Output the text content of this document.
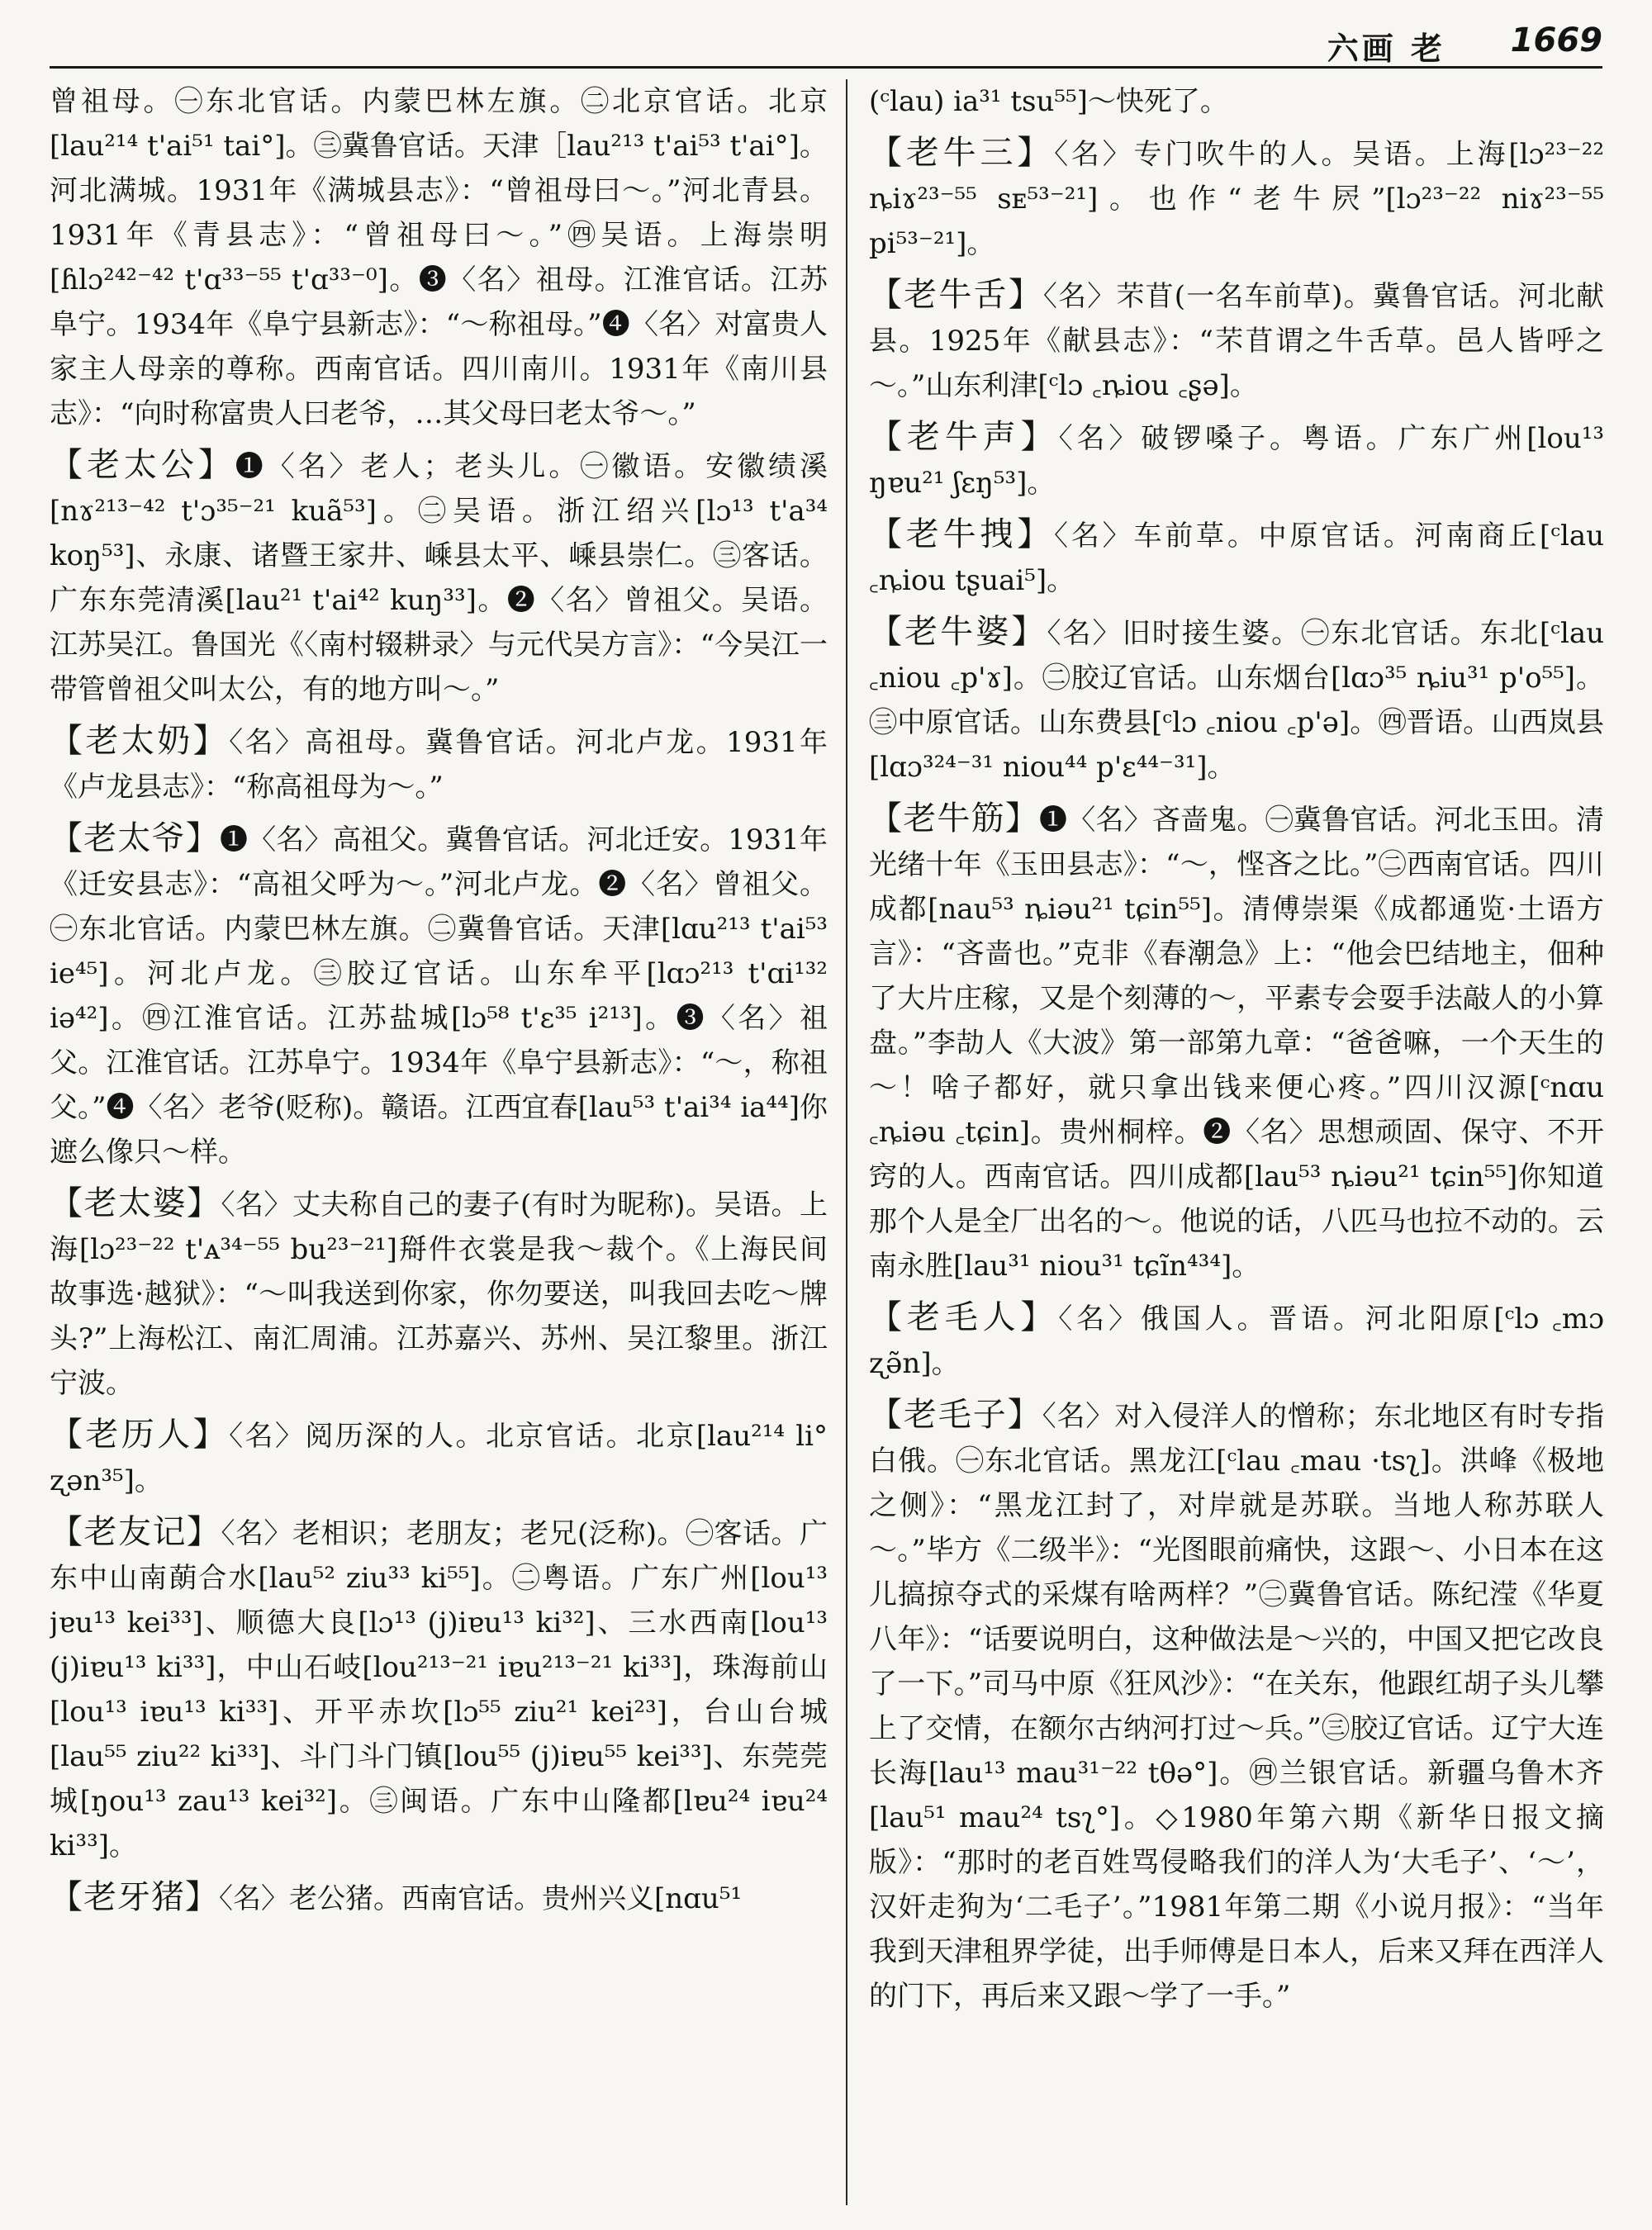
六画 老 1669

曾祖母。㊀东北官话。内蒙巴林左旗。㊁北京官话。北京[lau²¹⁴ t'ai⁵¹ tai°]。㊂冀鲁官话。天津［lau²¹³ t'ai⁵³ t'ai°]。河北满城。1931年《满城县志》：“曾祖母曰～。”河北青县。1931年《青县志》：“曾祖母曰～。”㊃吴语。上海崇明[ɦlɔ²⁴²⁻⁴² t'ɑ³³⁻⁵⁵ t'ɑ³³⁻⁰]。❸〈名〉祖母。江淮官话。江苏阜宁。1934年《阜宁县新志》：“～称祖母。”❹〈名〉对富贵人家主人母亲的尊称。西南官话。四川南川。1931年《南川县志》：“向时称富贵人曰老爷，…其父母曰老太爷～。”

【老太公】❶〈名〉老人；老头儿。㊀徽语。安徽绩溪[nɤ²¹³⁻⁴² t'ɔ³⁵⁻²¹ kuã⁵³]。㊁吴语。浙江绍兴[lɔ¹³ t'a³⁴ koŋ⁵³]、永康、诸暨王家井、嵊县太平、嵊县崇仁。㊂客话。广东东莞清溪[lau²¹ t'ai⁴² kuŋ³³]。❷〈名〉曾祖父。吴语。江苏吴江。鲁国光《〈南村辍耕录〉与元代吴方言》：“今吴江一带管曾祖父叫太公，有的地方叫～。”

【老太奶】〈名〉高祖母。冀鲁官话。河北卢龙。1931年《卢龙县志》：“称高祖母为～。”

【老太爷】❶〈名〉高祖父。冀鲁官话。河北迁安。1931年《迁安县志》：“高祖父呼为～。”河北卢龙。❷〈名〉曾祖父。㊀东北官话。内蒙巴林左旗。㊁冀鲁官话。天津[lɑu²¹³ t'ai⁵³ ie⁴⁵]。河北卢龙。㊂胶辽官话。山东牟平[lɑɔ²¹³ t'ɑi¹³² iə⁴²]。㊃江淮官话。江苏盐城[lɔ⁵⁸ t'ɛ³⁵ i²¹³]。❸〈名〉祖父。江淮官话。江苏阜宁。1934年《阜宁县新志》：“～，称祖父。”❹〈名〉老爷(贬称)。赣语。江西宜春[lau⁵³ t'ai³⁴ ia⁴⁴]你遮么像只～样。

【老太婆】〈名〉丈夫称自己的妻子(有时为昵称)。吴语。上海[lɔ²³⁻²² t'ᴀ³⁴⁻⁵⁵ bu²³⁻²¹]搿件衣裳是我～裁个。《上海民间故事选·越狱》：“～叫我送到你家，你勿要送，叫我回去吃～牌头?”上海松江、南汇周浦。江苏嘉兴、苏州、吴江黎里。浙江宁波。

【老历人】〈名〉阅历深的人。北京官话。北京[lau²¹⁴ li° ʐən³⁵]。

【老友记】〈名〉老相识；老朋友；老兄(泛称)。㊀客话。广东中山南蓢合水[lau⁵² ziu³³ ki⁵⁵]。㊁粤语。广东广州[lou¹³ jɐu¹³ kei³³]、顺德大良[lɔ¹³ (j)iɐu¹³ ki³²]、三水西南[lou¹³ (j)iɐu¹³ ki³³]，中山石岐[lou²¹³⁻²¹ iɐu²¹³⁻²¹ ki³³]，珠海前山[lou¹³ iɐu¹³ ki³³]、开平赤坎[lɔ⁵⁵ ziu²¹ kei²³]，台山台城[lau⁵⁵ ziu²² ki³³]、斗门斗门镇[lou⁵⁵ (j)iɐu⁵⁵ kei³³]、东莞莞城[ŋou¹³ zau¹³ kei³²]。㊂闽语。广东中山隆都[lɐu²⁴ iɐu²⁴ ki³³]。

【老牙猪】〈名〉老公猪。西南官话。贵州兴义[nɑu⁵¹

(ᶜlau) ia³¹ tsu⁵⁵]～快死了。

【老牛三】〈名〉专门吹牛的人。吴语。上海[lɔ²³⁻²² ȵiɤ²³⁻⁵⁵ sᴇ⁵³⁻²¹]。也作“老牛屄”[lɔ²³⁻²² niɤ²³⁻⁵⁵ pi⁵³⁻²¹]。

【老牛舌】〈名〉芣苜(一名车前草)。冀鲁官话。河北献县。1925年《献县志》：“芣苜谓之牛舌草。邑人皆呼之～。”山东利津[ᶜlɔ ꜀ȵiou ꜀ʂə]。

【老牛声】〈名〉破锣嗓子。粤语。广东广州[lou¹³ ŋɐu²¹ ʃɛŋ⁵³]。

【老牛拽】〈名〉车前草。中原官话。河南商丘[ᶜlau ꜀ȵiou tʂuai⁵]。

【老牛婆】〈名〉旧时接生婆。㊀东北官话。东北[ᶜlau ꜀niou ꜀p'ɤ]。㊁胶辽官话。山东烟台[lɑɔ³⁵ ȵiu³¹ p'o⁵⁵]。㊂中原官话。山东费县[ᶜlɔ ꜀niou ꜀p'ə]。㊃晋语。山西岚县[lɑɔ³²⁴⁻³¹ niou⁴⁴ p'ɛ⁴⁴⁻³¹]。

【老牛筋】❶〈名〉吝啬鬼。㊀冀鲁官话。河北玉田。清光绪十年《玉田县志》：“～，悭吝之比。”㊁西南官话。四川成都[nau⁵³ ȵiəu²¹ tɕin⁵⁵]。清傅崇渠《成都通览·土语方言》：“吝啬也。”克非《春潮急》上：“他会巴结地主，佃种了大片庄稼，又是个刻薄的～，平素专会耍手法敲人的小算盘。”李劼人《大波》第一部第九章：“爸爸嘛，一个天生的～！啥子都好，就只拿出钱来便心疼。”四川汉源[ᶜnɑu ꜀ȵiəu ꜀tɕin]。贵州桐梓。❷〈名〉思想顽固、保守、不开窍的人。西南官话。四川成都[lau⁵³ ȵiəu²¹ tɕin⁵⁵]你知道那个人是全厂出名的～。他说的话，八匹马也拉不动的。云南永胜[lau³¹ niou³¹ tɕĩn⁴³⁴]。

【老毛人】〈名〉俄国人。晋语。河北阳原[ᶜlɔ ꜀mɔ ʐə̃n]。

【老毛子】〈名〉对入侵洋人的憎称；东北地区有时专指白俄。㊀东北官话。黑龙江[ᶜlau ꜀mau ·tsʅ]。洪峰《极地之侧》：“黑龙江封了，对岸就是苏联。当地人称苏联人～。”毕方《二级半》：“光图眼前痛快，这跟～、小日本在这儿搞掠夺式的采煤有啥两样？”㊁冀鲁官话。陈纪滢《华夏八年》：“话要说明白，这种做法是～兴的，中国又把它改良了一下。”司马中原《狂风沙》：“在关东，他跟红胡子头儿攀上了交情，在额尔古纳河打过～兵。”㊂胶辽官话。辽宁大连长海[lau¹³ mau³¹⁻²² tθə°]。㊃兰银官话。新疆乌鲁木齐[lau⁵¹ mau²⁴ tsʅ°]。◇1980年第六期《新华日报文摘版》：“那时的老百姓骂侵略我们的洋人为‘大毛子’、‘～’，汉奸走狗为‘二毛子’。”1981年第二期《小说月报》：“当年我到天津租界学徒，出手师傅是日本人，后来又拜在西洋人的门下，再后来又跟～学了一手。”
